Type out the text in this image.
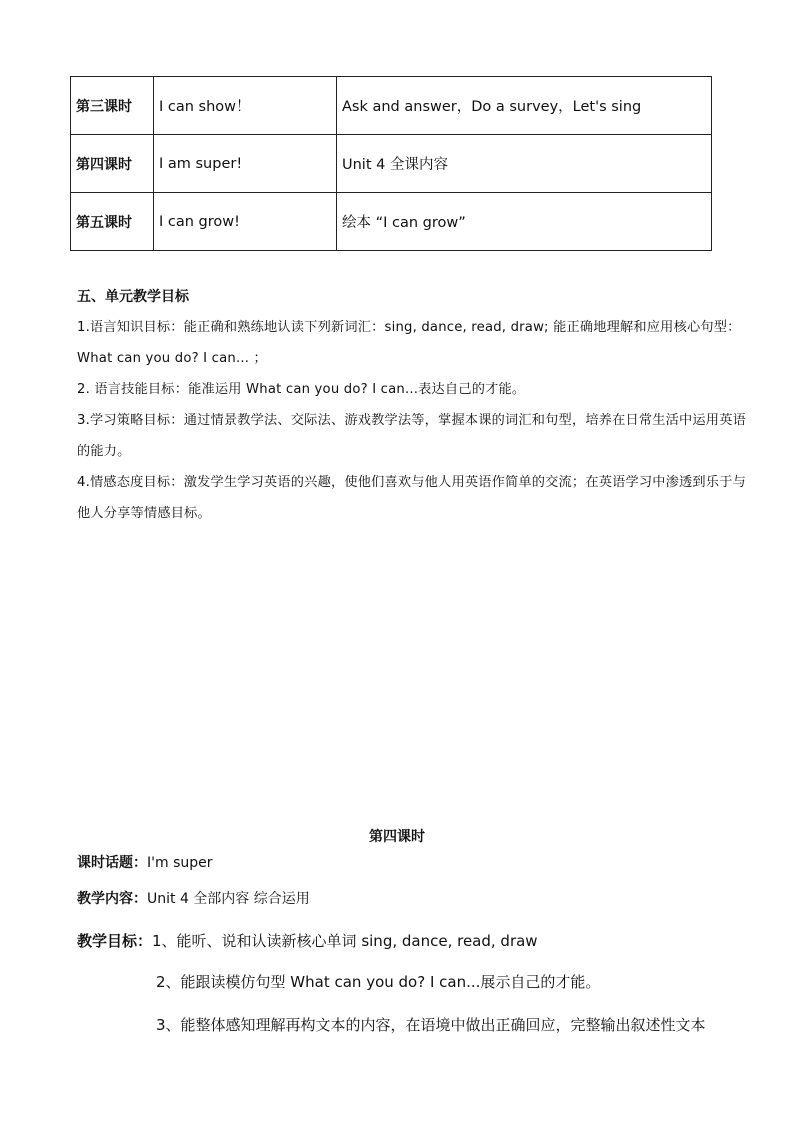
第三课时	I can show！	Ask and answer，Do a survey，Let's sing
第四课时	I am super!	Unit 4 全课内容
第五课时	I can grow!	绘本 “I can grow”
五、单元教学目标

1.语言知识目标：能正确和熟练地认读下列新词汇：sing, dance, read, draw; 能正确地理解和应用核心句型：What can you do? I can... ；

2. 语言技能目标：能准运用 What can you do? I can...表达自己的才能。

3.学习策略目标：通过情景教学法、交际法、游戏教学法等，掌握本课的词汇和句型，培养在日常生活中运用英语的能力。

4.情感态度目标：激发学生学习英语的兴趣，使他们喜欢与他人用英语作简单的交流；在英语学习中渗透到乐于与他人分享等情感目标。

第四课时
课时话题：I'm super
教学内容：Unit 4 全部内容 综合运用
教学目标：1、能听、说和认读新核心单词 sing, dance, read, draw
2、能跟读模仿句型 What can you do? I can...展示自己的才能。
3、能整体感知理解再构文本的内容，在语境中做出正确回应，完整输出叙述性文本
